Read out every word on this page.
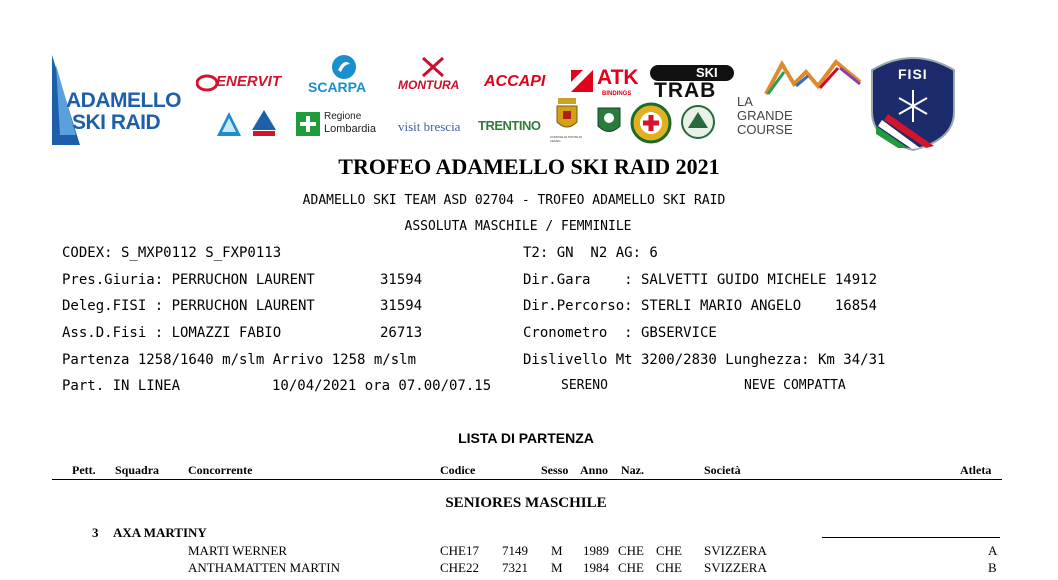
ADAMELLO
SKI RAID
ENERVIT SCARPA	MONTURA ACCAPI ATK
BINDINGS
SKI
TRAB LA
GRANDE
COURSE
FISI
Regione
Lombardia visit brescia TRENTINO
COMUNE DI PONTE DI LEGNO
TROFEO ADAMELLO SKI RAID 2021
ADAMELLO SKI TEAM ASD 02704 - TROFEO ADAMELLO SKI RAID
ASSOLUTA MASCHILE / FEMMINILE
CODEX: S_MXP0112 S_FXP0113	T2: GN  N2 AG: 6
Pres.Giuria: PERRUCHON LAURENT	31594	Dir.Gara    : SALVETTI GUIDO MICHELE 14912
Deleg.FISI : PERRUCHON LAURENT	31594	Dir.Percorso: STERLI MARIO ANGELO    16854
Ass.D.Fisi : LOMAZZI FABIO	26713	Cronometro  : GBSERVICE
Partenza 1258/1640 m/slm Arrivo 1258 m/slm	Dislivello Mt 3200/2830 Lunghezza: Km 34/31
Part. IN LINEA	10/04/2021 ora 07.00/07.15	SERENO	NEVE COMPATTA
LISTA DI PARTENZA
Pett. Squadra Concorrente	Codice	Sesso Anno Naz.	Società	Atleta
SENIORES MASCHILE
3 AXA MARTINY
MARTI WERNER	CHE17 7149 M 1989 CHE CHE SVIZZERA	A
ANTHAMATTEN MARTIN	CHE22 7321 M 1984 CHE CHE SVIZZERA	B
